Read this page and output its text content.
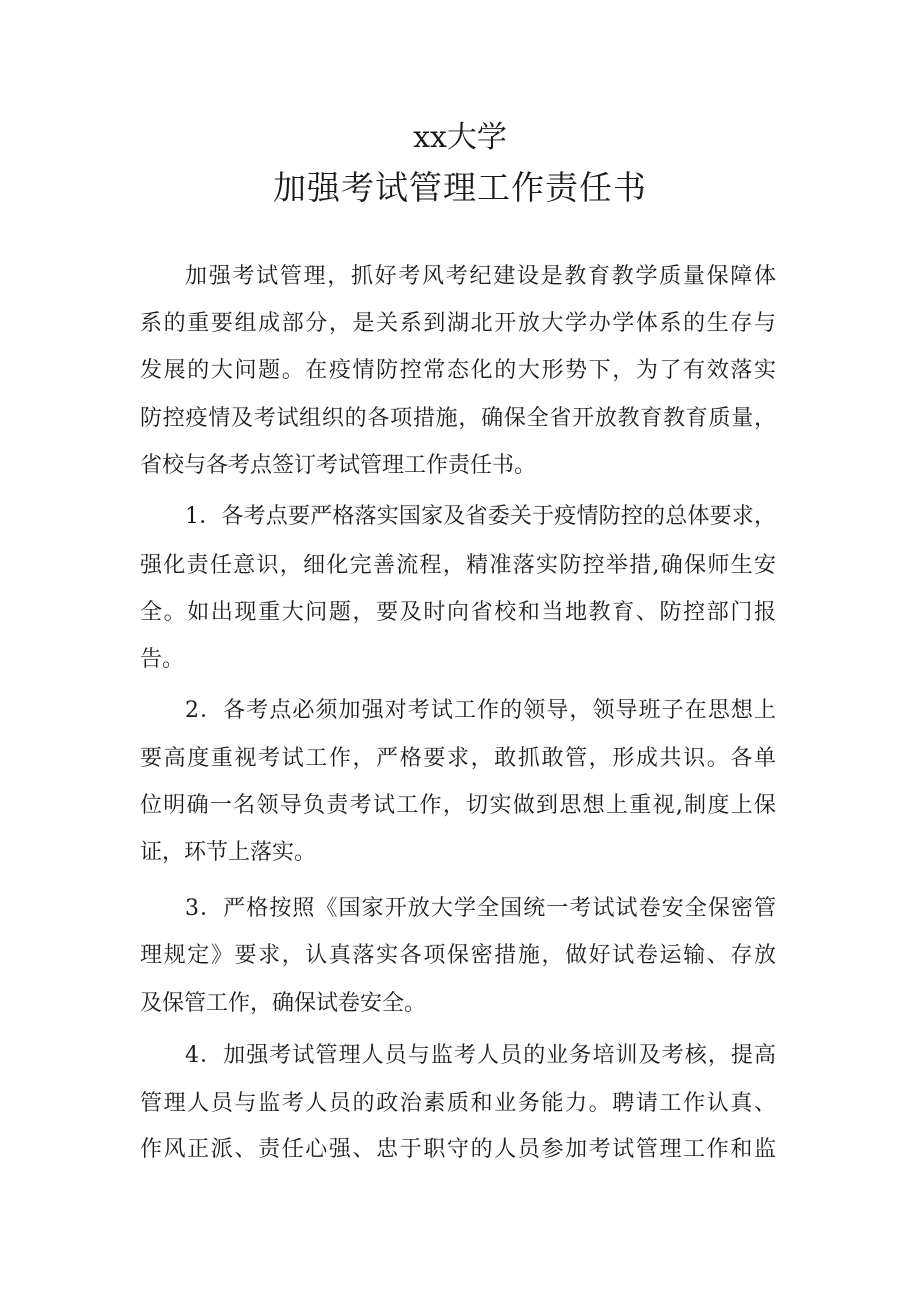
xx大学
加强考试管理工作责任书
加强考试管理，抓好考风考纪建设是教育教学质量保障体
系的重要组成部分，是关系到湖北开放大学办学体系的生存与
发展的大问题。在疫情防控常态化的大形势下，为了有效落实
防控疫情及考试组织的各项措施，确保全省开放教育教育质量，
省校与各考点签订考试管理工作责任书。
1．各考点要严格落实国家及省委关于疫情防控的总体要求，
强化责任意识，细化完善流程，精准落实防控举措,确保师生安
全。如出现重大问题，要及时向省校和当地教育、防控部门报
告。
2．各考点必须加强对考试工作的领导，领导班子在思想上
要高度重视考试工作，严格要求，敢抓敢管，形成共识。各单
位明确一名领导负责考试工作，切实做到思想上重视,制度上保
证，环节上落实。
3．严格按照《国家开放大学全国统一考试试卷安全保密管
理规定》要求，认真落实各项保密措施，做好试卷运输、存放
及保管工作，确保试卷安全。
4．加强考试管理人员与监考人员的业务培训及考核，提高
管理人员与监考人员的政治素质和业务能力。聘请工作认真、
作风正派、责任心强、忠于职守的人员参加考试管理工作和监
